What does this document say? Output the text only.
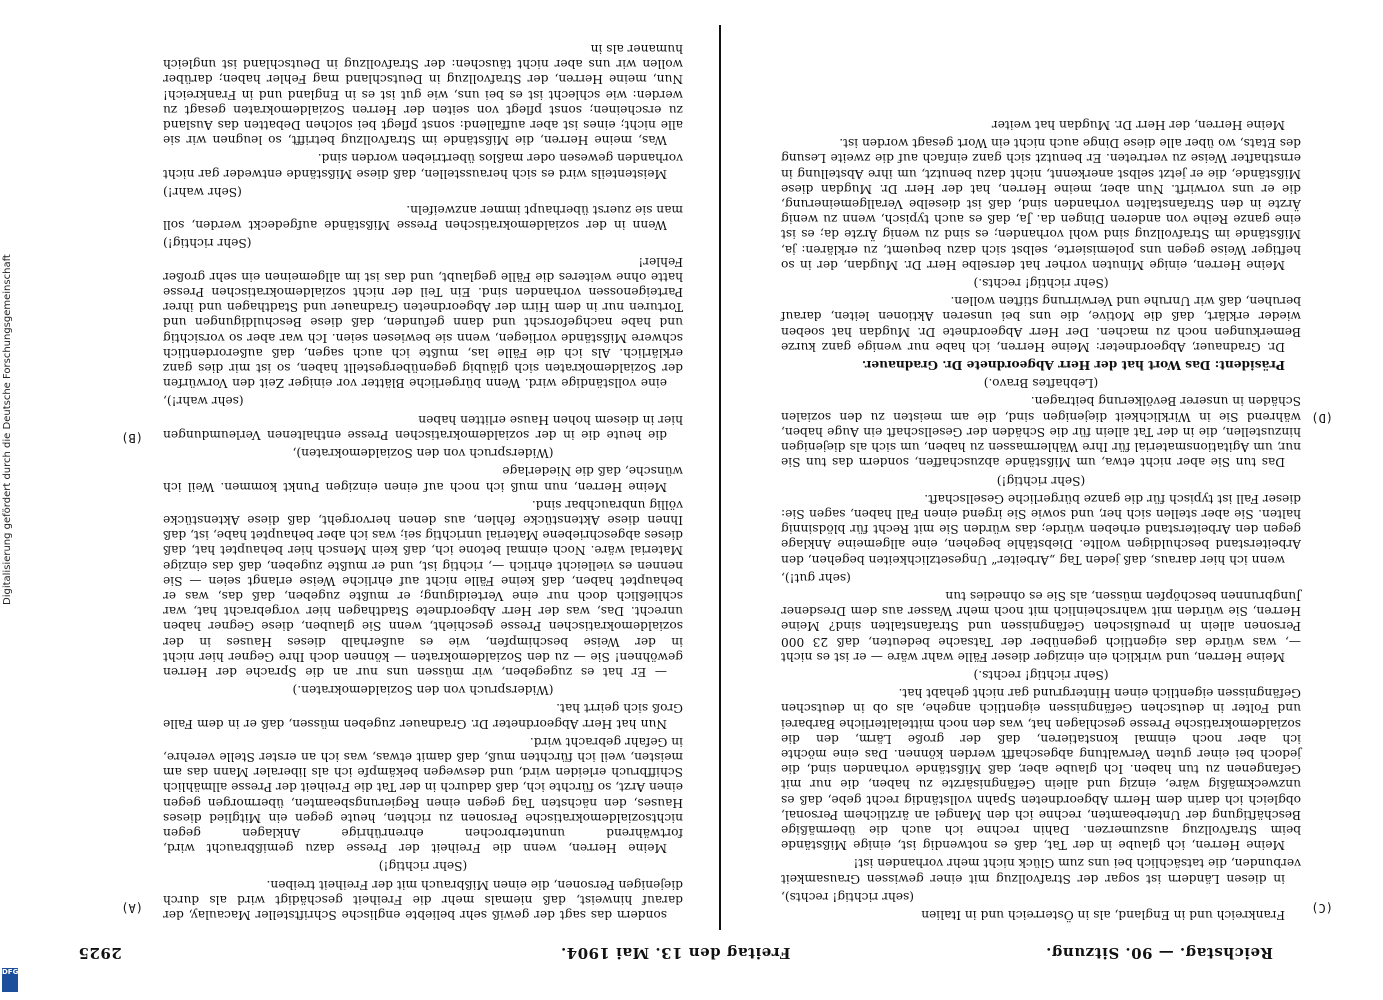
Reichstag. — 90. Sitzung.
Freitag den 13. Mai 1904.
2925
(A)
(B)
(C)
(D)

sondern das sagt der gewiß sehr beliebte englische Schriftsteller Macaulay, der darauf hinweist, daß niemals mehr die Freiheit geschädigt wird als durch diejenigen Personen, die einen Mißbrauch mit der Freiheit treiben.

(Sehr richtig!)

Meine Herren, wenn die Freiheit der Presse dazu gemißbraucht wird, fortwährend ununterbrochen ehrenrührige Anklagen gegen nichtsozialdemokratische Personen zu richten, heute gegen ein Mitglied dieses Hauses, den nächsten Tag gegen einen Regierungsbeamten, übermorgen gegen einen Arzt, so fürchte ich, daß dadurch in der Tat die Freiheit der Presse allmählich Schiffbruch erleiden wird, und deswegen bekämpfe ich als liberaler Mann das am meisten, weil ich fürchten muß, daß damit etwas, was ich an erster Stelle verehre, in Gefahr gebracht wird.

Nun hat Herr Abgeordneter Dr. Gradnauer zugeben müssen, daß er in dem Falle Groß sich geirrt hat.

(Widerspruch von den Sozialdemokraten.)

— Er hat es zugegeben, wir müssen uns nur an die Sprache der Herren gewöhnen! Sie — zu den Sozialdemokraten — können doch Ihre Gegner hier nicht in der Weise beschimpfen, wie es außerhalb dieses Hauses in der sozialdemokratischen Presse geschieht, wenn Sie glauben, diese Gegner haben unrecht. Das, was der Herr Abgeordnete Stadthagen hier vorgebracht hat, war schließlich doch nur eine Verteidigung; er mußte zugeben, daß das, was er behauptet haben, daß keine Fälle nicht auf ehrliche Weise erlangt seien — Sie nennen es vielleicht ehrlich —, richtig ist, und er mußte zugeben, daß das einzige Material wäre. Noch einmal betone ich, daß kein Mensch hier behauptet hat, daß dieses abgeschriebene Material unrichtig sei; was ich aber behauptet habe, ist, daß Ihnen diese Aktenstücke fehlen, aus denen hervorgeht, daß diese Aktenstücke völlig unbrauchbar sind.

Meine Herren, nun muß ich noch auf einen einzigen Punkt kommen. Weil ich wünsche, daß die Niederlage

(Widerspruch von den Sozialdemokraten),

die heute die in der sozialdemokratischen Presse enthaltenen Verleumdungen hier in diesem hohen Hause erlitten haben

(sehr wahr!),

eine vollständige wird. Wenn bürgerliche Blätter vor einiger Zeit den Vorwürfen der Sozialdemokraten sich gläubig gegenübergestellt haben, so ist mir dies ganz erklärlich. Als ich die Fälle las, mußte ich auch sagen, daß außerordentlich schwere Mißstände vorliegen, wenn sie bewiesen seien. Ich war aber so vorsichtig und habe nachgeforscht und dann gefunden, daß diese Beschuldigungen und Torturen nur in dem Hirn der Abgeordneten Gradnauer und Stadthagen und ihrer Parteigenossen vorhanden sind. Ein Teil der nicht sozialdemokratischen Presse hatte ohne weiteres die Fälle geglaubt, und das ist im allgemeinen ein sehr großer Fehler!

(Sehr richtig!)

Wenn in der sozialdemokratischen Presse Mißstände aufgedeckt werden, soll man sie zuerst überhaupt immer anzweifeln.

(Sehr wahr!)

Meistenteils wird es sich herausstellen, daß diese Mißstände entweder gar nicht vorhanden gewesen oder maßlos übertrieben worden sind.

Was, meine Herren, die Mißstände im Strafvollzug betrifft, so leugnen wir sie alle nicht; eines ist aber auffallend: sonst pflegt bei solchen Debatten das Ausland zu erscheinen; sonst pflegt von seiten der Herren Sozialdemokraten gesagt zu werden: wie schlecht ist es bei uns, wie gut ist es in England und in Frankreich! Nun, meine Herren, der Strafvollzug in Deutschland mag Fehler haben; darüber wollen wir uns aber nicht täuschen: der Strafvollzug in Deutschland ist ungleich humaner als in

Frankreich und in England, als in Österreich und in Italien

(sehr richtig! rechts),

in diesen Ländern ist sogar der Strafvollzug mit einer gewissen Grausamkeit verbunden, die tatsächlich bei uns zum Glück nicht mehr vorhanden ist!

Meine Herren, ich glaube in der Tat, daß es notwendig ist, einige Mißstände beim Strafvollzug auszumerzen. Dahin rechne ich auch die übermäßige Beschäftigung der Unterbeamten, rechne ich den Mangel an ärztlichem Personal, obgleich ich darin dem Herrn Abgeordneten Spahn vollständig recht gebe, daß es unzweckmäßig wäre, einzig und allein Gefängnisärzte zu haben, die nur mit Gefangenen zu tun haben. Ich glaube aber, daß Mißstände vorhanden sind, die jedoch bei einer guten Verwaltung abgeschafft werden können. Das eine möchte ich aber noch einmal konstatieren, daß der große Lärm, den die sozialdemokratische Presse geschlagen hat, was den noch mittelalterliche Barbarei und Folter in deutschen Gefängnissen eigentlich angehe, als ob in deutschen Gefängnissen eigentlich einen Hintergrund gar nicht gehabt hat.

(Sehr richtig! rechts.)

Meine Herren, und wirklich ein einziger dieser Fälle wahr wäre — er ist es nicht —, was würde das eigentlich gegenüber der Tatsache bedeuten, daß 23 000 Personen allein in preußischen Gefängnissen und Strafanstalten sind? Meine Herren, Sie würden mit wahrscheinlich mit noch mehr Wasser aus dem Dresdener Jungbrunnen beschöpfen müssen, als Sie es ohnedies tun

(sehr gut!),

wenn ich hier daraus, daß jeden Tag „Arbeiter“ Ungesetzlichkeiten begehen, den Arbeiterstand beschuldigen wollte. Diebstähle begehen, eine allgemeine Anklage gegen den Arbeiterstand erheben würde; das würden Sie mit Recht für blödsinnig halten. Sie aber stellen sich her, und sowie Sie irgend einen Fall haben, sagen Sie: dieser Fall ist typisch für die ganze bürgerliche Gesellschaft.

(Sehr richtig!)

Das tun Sie aber nicht etwa, um Mißstände abzuschaffen, sondern das tun Sie nur, um Agitationsmaterial für Ihre Wählermassen zu haben, um sich als diejenigen hinzustellen, die in der Tat allein für die Schäden der Gesellschaft ein Auge haben, während Sie in Wirklichkeit diejenigen sind, die am meisten zu den sozialen Schäden in unserer Bevölkerung beitragen.

(Lebhaftes Bravo.)

Präsident: Das Wort hat der Herr Abgeordnete Dr. Gradnauer.

Dr. Gradnauer, Abgeordneter: Meine Herren, ich habe nur wenige ganz kurze Bemerkungen noch zu machen. Der Herr Abgeordnete Dr. Mugdan hat soeben wieder erklärt, daß die Motive, die uns bei unseren Aktionen leiten, darauf beruhen, daß wir Unruhe und Verwirrung stiften wollen.

(Sehr richtig! rechts.)

Meine Herren, einige Minuten vorher hat derselbe Herr Dr. Mugdan, der in so heftiger Weise gegen uns polemisierte, selbst sich dazu bequemt, zu erklären: ja, Mißstände im Strafvollzug sind wohl vorhanden; es sind zu wenig Ärzte da; es ist eine ganze Reihe von anderen Dingen da. Ja, daß es auch typisch, wenn zu wenig Ärzte in den Strafanstalten vorhanden sind, daß ist dieselbe Verallgemeinerung, die er uns vorwirft. Nun aber, meine Herren, hat der Herr Dr. Mugdan diese Mißstände, die er jetzt selbst anerkennt, nicht dazu benutzt, um ihre Abstellung in ernsthafter Weise zu vertreten. Er benutzt sich ganz einfach auf die zweite Lesung des Etats, wo über alle diese Dinge auch nicht ein Wort gesagt worden ist.

Meine Herren, der Herr Dr. Mugdan hat weiter

Digitalisierung gefördert durch die Deutsche Forschungsgemeinschaft
DFG
